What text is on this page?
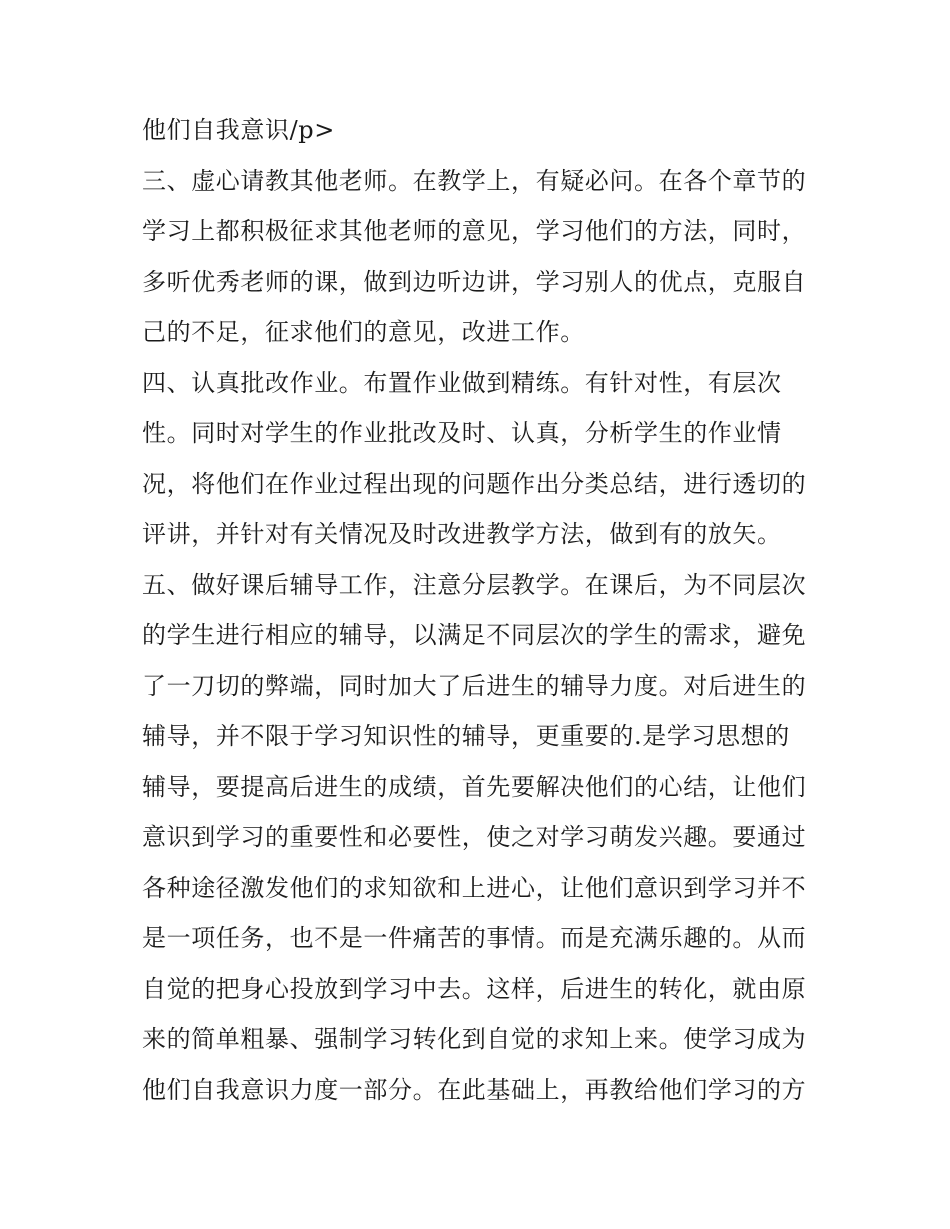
他们自我意识/p>
三、虚心请教其他老师。在教学上，有疑必问。在各个章节的
学习上都积极征求其他老师的意见，学习他们的方法，同时，
多听优秀老师的课，做到边听边讲，学习别人的优点，克服自
己的不足，征求他们的意见，改进工作。
四、认真批改作业。布置作业做到精练。有针对性，有层次
性。同时对学生的作业批改及时、认真，分析学生的作业情
况，将他们在作业过程出现的问题作出分类总结，进行透切的
评讲，并针对有关情况及时改进教学方法，做到有的放矢。
五、做好课后辅导工作，注意分层教学。在课后，为不同层次
的学生进行相应的辅导，以满足不同层次的学生的需求，避免
了一刀切的弊端，同时加大了后进生的辅导力度。对后进生的
辅导，并不限于学习知识性的辅导，更重要的.是学习思想的
辅导，要提高后进生的成绩，首先要解决他们的心结，让他们
意识到学习的重要性和必要性，使之对学习萌发兴趣。要通过
各种途径激发他们的求知欲和上进心，让他们意识到学习并不
是一项任务，也不是一件痛苦的事情。而是充满乐趣的。从而
自觉的把身心投放到学习中去。这样，后进生的转化，就由原
来的简单粗暴、强制学习转化到自觉的求知上来。使学习成为
他们自我意识力度一部分。在此基础上，再教给他们学习的方
